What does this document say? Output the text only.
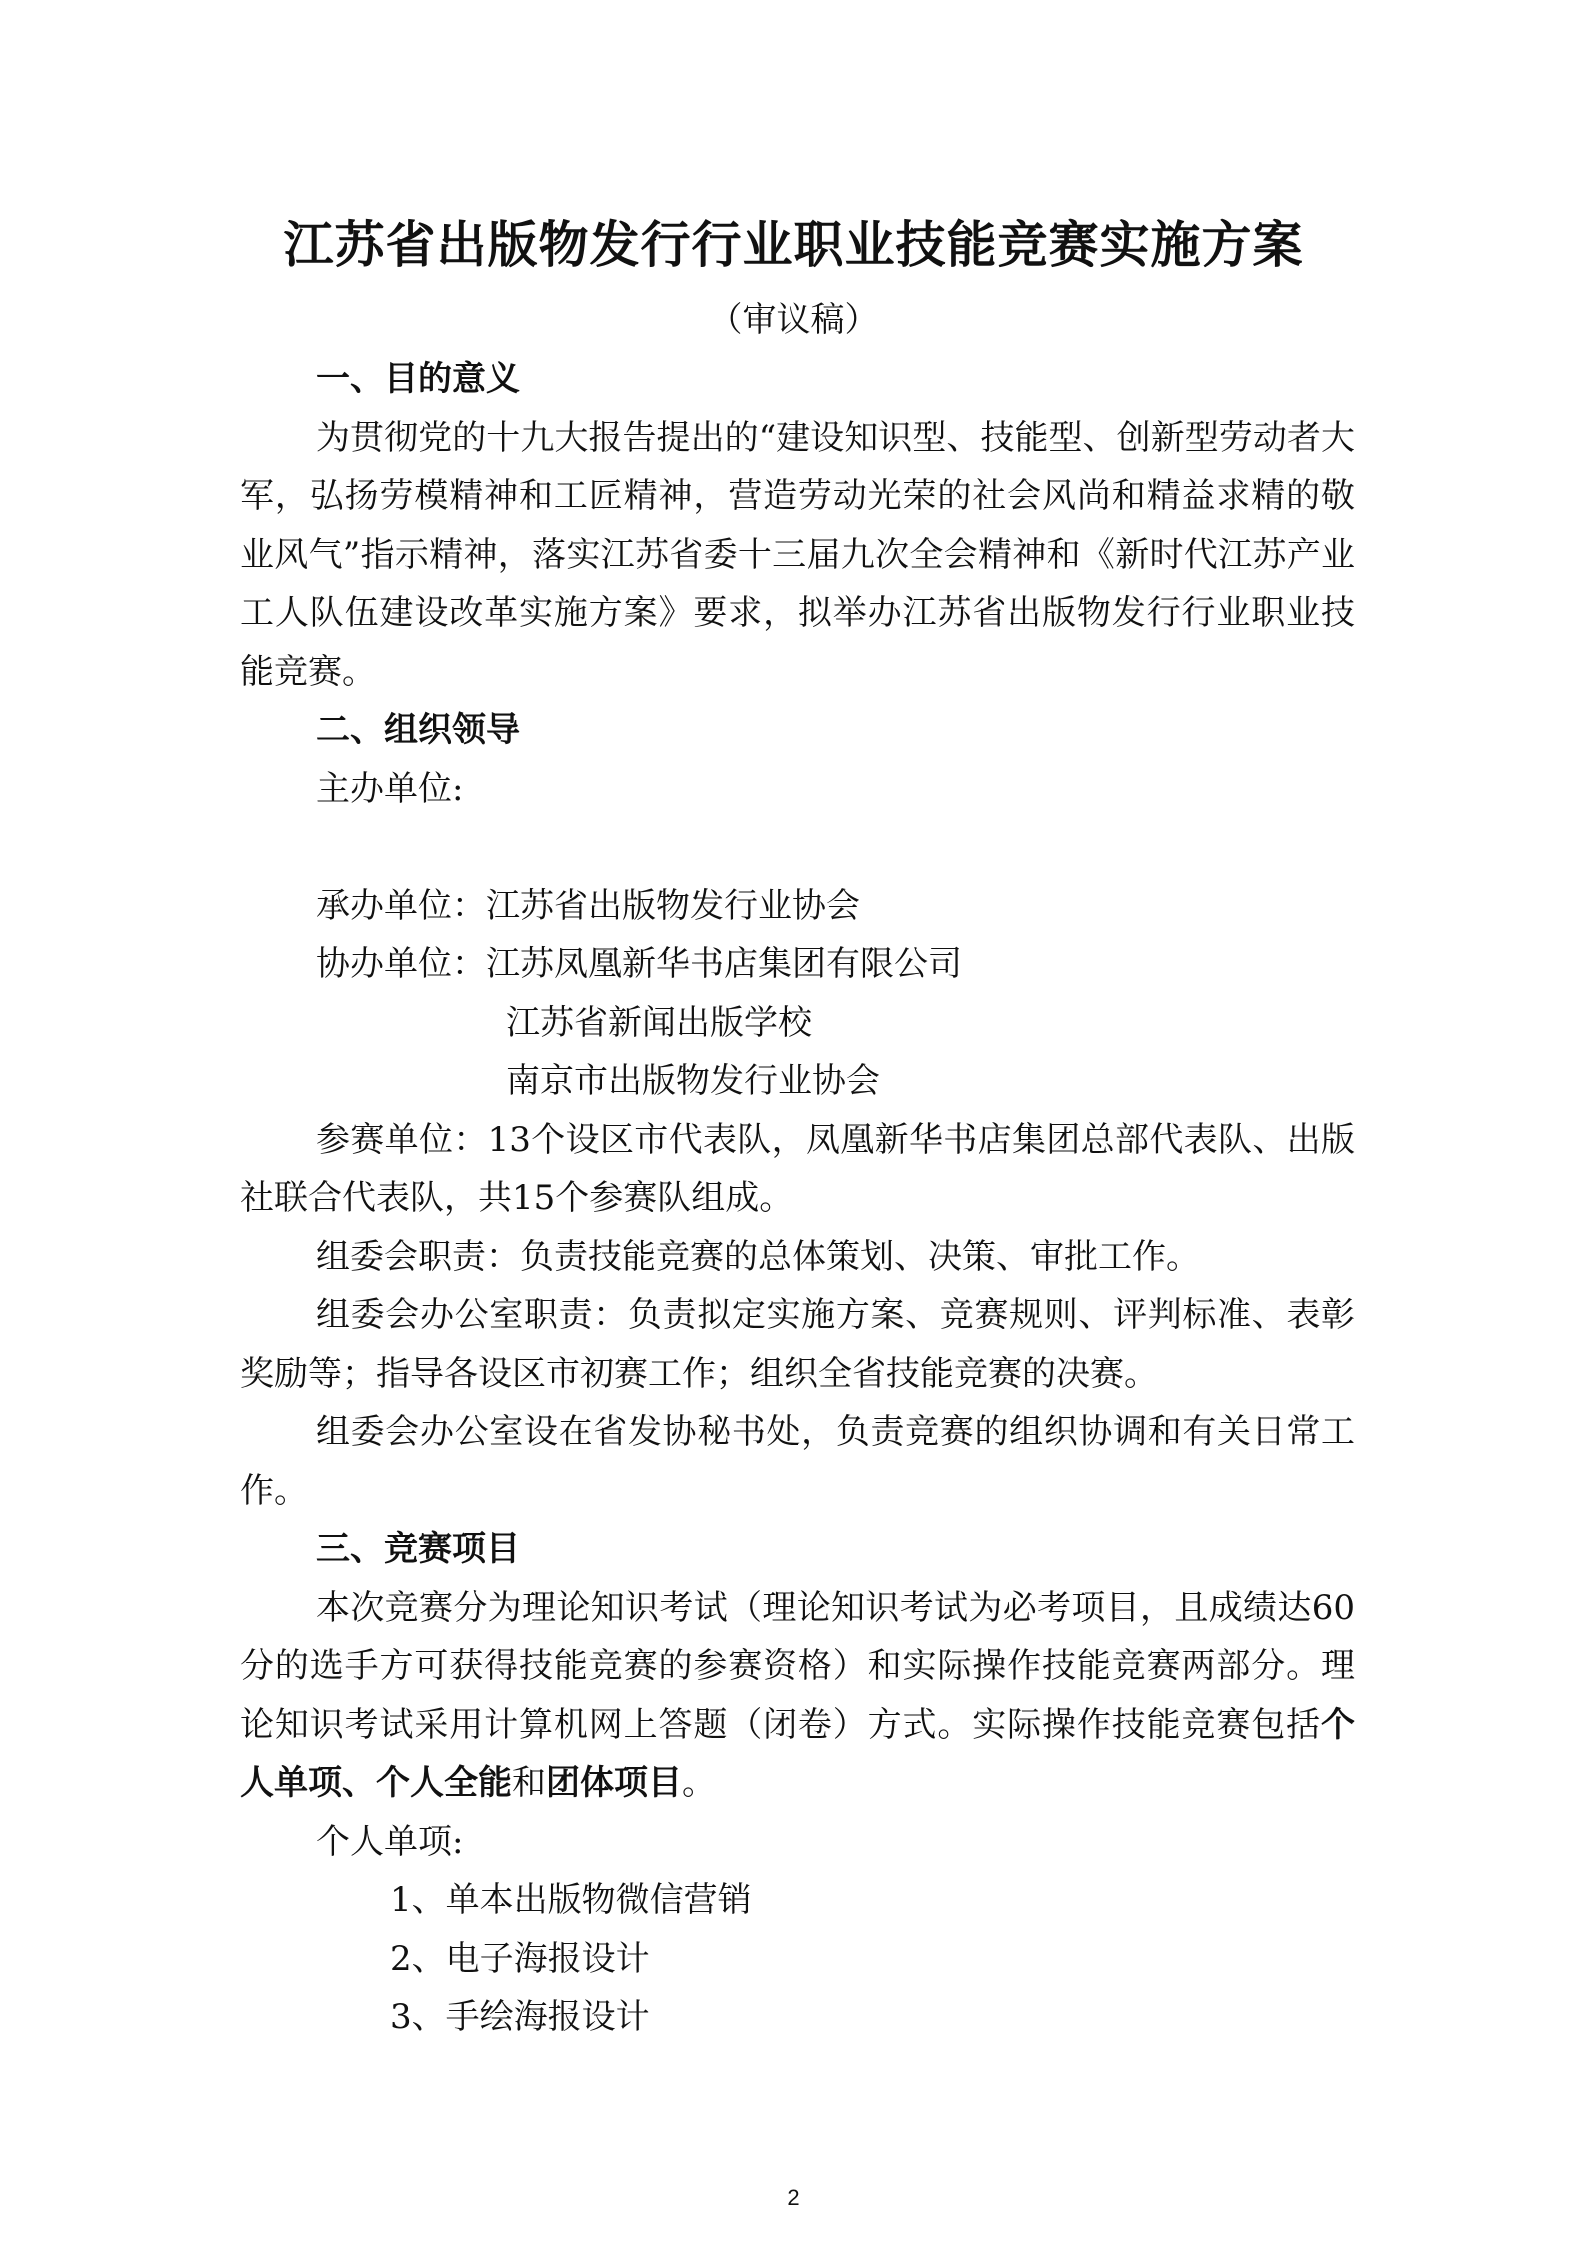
江苏省出版物发行行业职业技能竞赛实施方案

（审议稿）

一、目的意义

为贯彻党的十九大报告提出的“建设知识型、技能型、创新型劳动者大军，弘扬劳模精神和工匠精神，营造劳动光荣的社会风尚和精益求精的敬业风气”指示精神，落实江苏省委十三届九次全会精神和《新时代江苏产业工人队伍建设改革实施方案》要求，拟举办江苏省出版物发行行业职业技能竞赛。

二、组织领导

主办单位:

承办单位：江苏省出版物发行业协会

协办单位：江苏凤凰新华书店集团有限公司

江苏省新闻出版学校

南京市出版物发行业协会

参赛单位：13个设区市代表队，凤凰新华书店集团总部代表队、出版社联合代表队，共15个参赛队组成。

组委会职责：负责技能竞赛的总体策划、决策、审批工作。

组委会办公室职责：负责拟定实施方案、竞赛规则、评判标准、表彰奖励等；指导各设区市初赛工作；组织全省技能竞赛的决赛。

组委会办公室设在省发协秘书处，负责竞赛的组织协调和有关日常工作。

三、竞赛项目

本次竞赛分为理论知识考试（理论知识考试为必考项目，且成绩达60分的选手方可获得技能竞赛的参赛资格）和实际操作技能竞赛两部分。理论知识考试采用计算机网上答题（闭卷）方式。实际操作技能竞赛包括个人单项、个人全能和团体项目。

个人单项:

1、单本出版物微信营销

2、电子海报设计

3、手绘海报设计

2
